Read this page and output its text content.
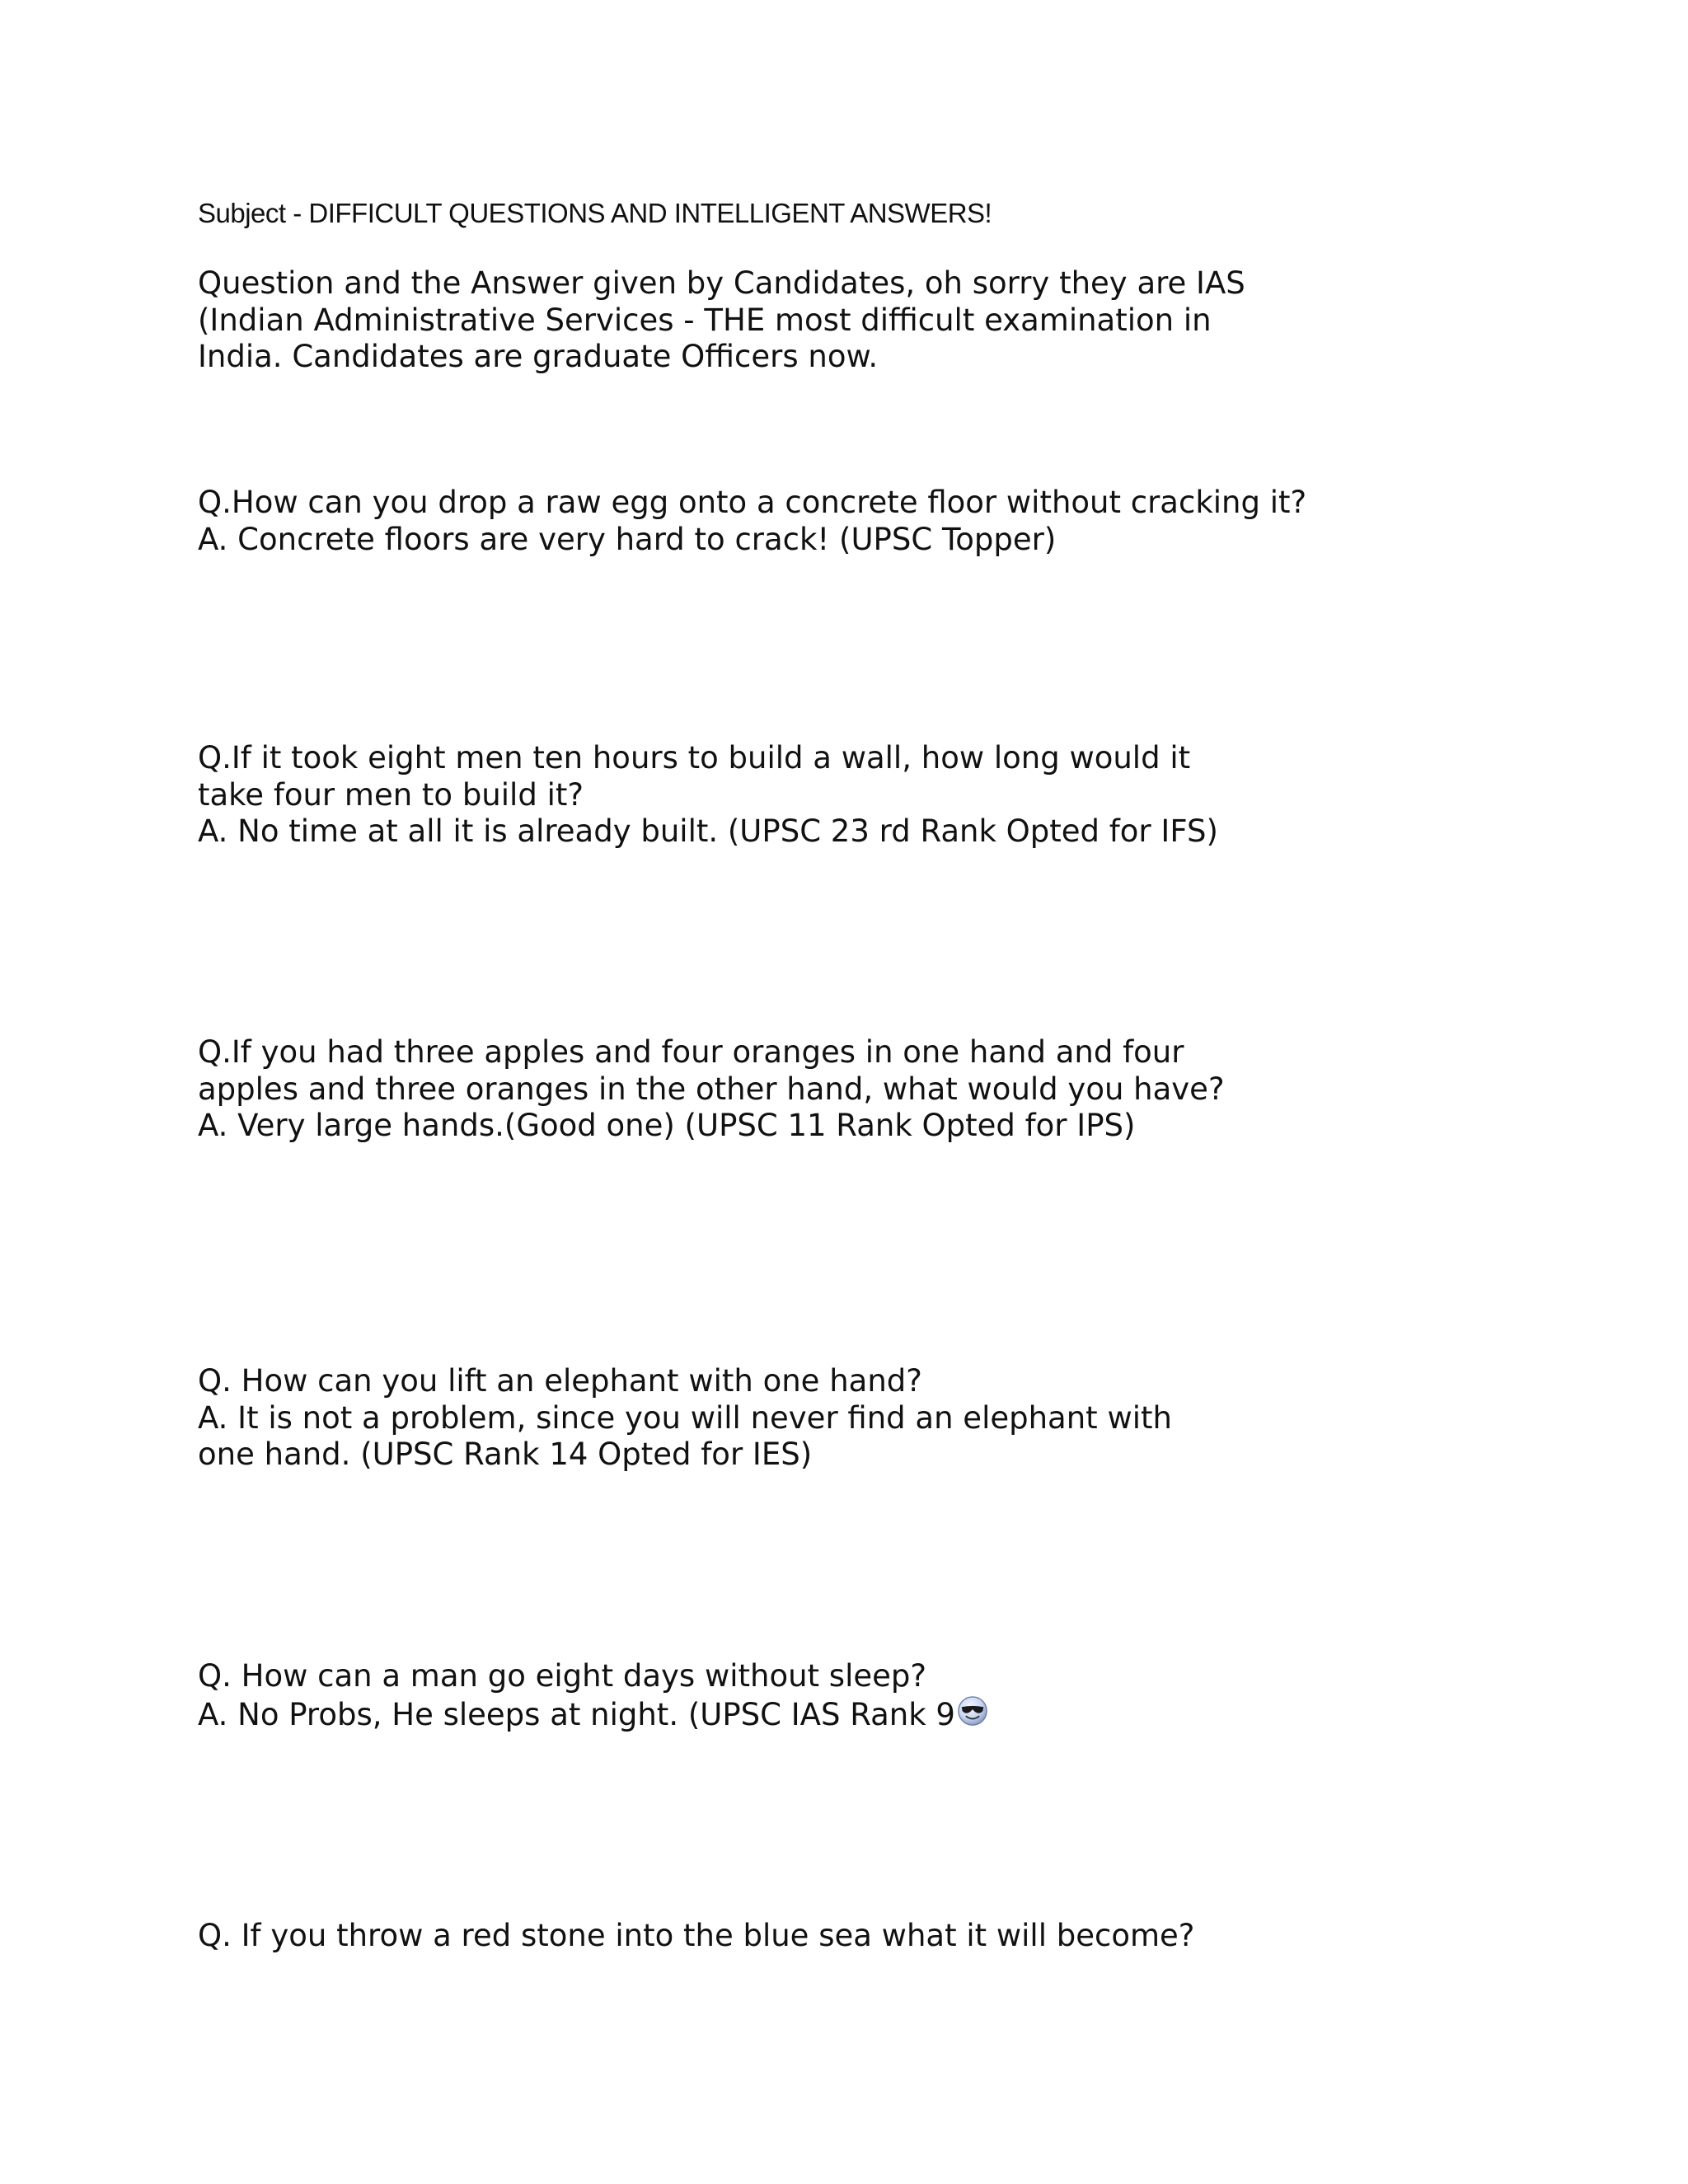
Subject - DIFFICULT QUESTIONS AND INTELLIGENT ANSWERS!
Question and the Answer given by Candidates, oh sorry they are IAS
(Indian Administrative Services - THE most difficult examination in
India. Candidates are graduate Officers now.
Q.How can you drop a raw egg onto a concrete floor without cracking it?
A. Concrete floors are very hard to crack! (UPSC Topper)
Q.If it took eight men ten hours to build a wall, how long would it
take four men to build it?
A. No time at all it is already built. (UPSC 23 rd Rank Opted for IFS)
Q.If you had three apples and four oranges in one hand and four
apples and three oranges in the other hand, what would you have?
A. Very large hands.(Good one) (UPSC 11 Rank Opted for IPS)
Q. How can you lift an elephant with one hand?
A. It is not a problem, since you will never find an elephant with
one hand. (UPSC Rank 14 Opted for IES)
Q. How can a man go eight days without sleep?
A. No Probs, He sleeps at night. (UPSC IAS Rank 9
Q. If you throw a red stone into the blue sea what it will become?
